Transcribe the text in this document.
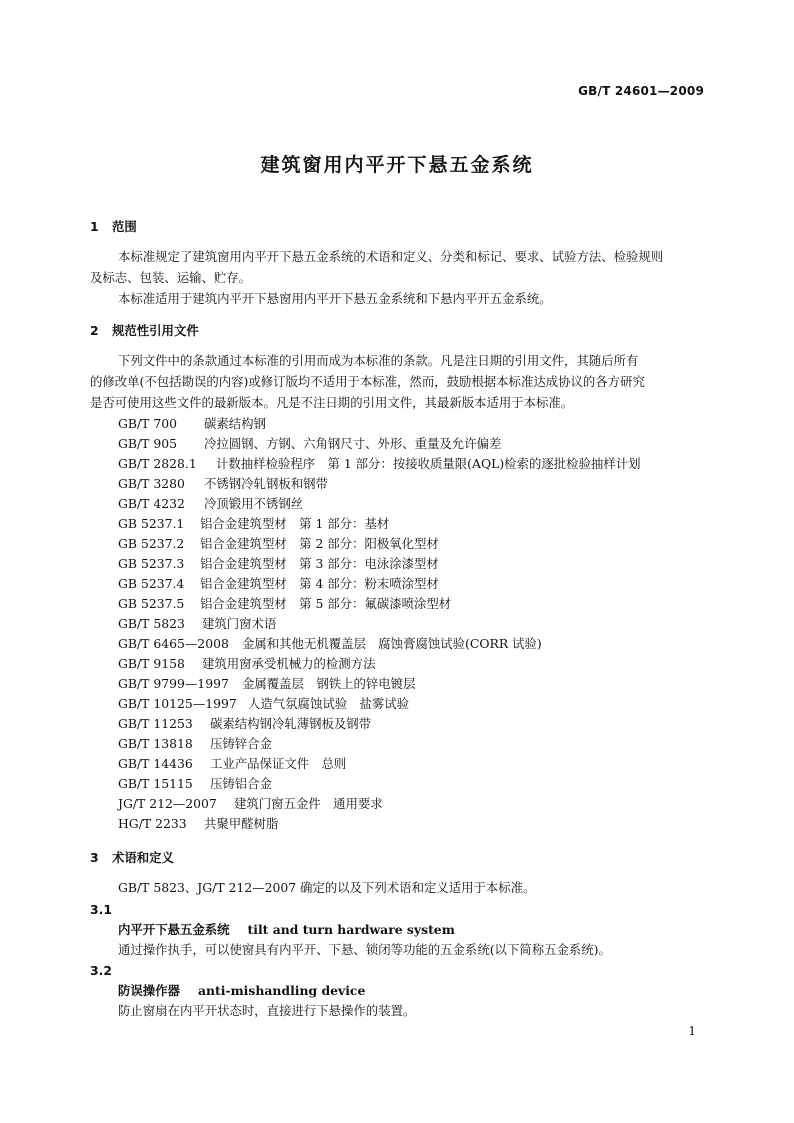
GB/T 24601—2009
建筑窗用内平开下悬五金系统
1 范围
本标准规定了建筑窗用内平开下悬五金系统的术语和定义、分类和标记、要求、试验方法、检验规则
及标志、包装、运输、贮存。
本标准适用于建筑内平开下悬窗用内平开下悬五金系统和下悬内平开五金系统。
2 规范性引用文件
下列文件中的条款通过本标准的引用而成为本标准的条款。凡是注日期的引用文件，其随后所有
的修改单(不包括勘误的内容)或修订版均不适用于本标准，然而，鼓励根据本标准达成协议的各方研究
是否可使用这些文件的最新版本。凡是不注日期的引用文件，其最新版本适用于本标准。
GB/T 700 碳素结构钢
GB/T 905 冷拉圆钢、方钢、六角钢尺寸、外形、重量及允许偏差
GB/T 2828.1 计数抽样检验程序　第 1 部分：按接收质量限(AQL)检索的逐批检验抽样计划
GB/T 3280 不锈钢冷轧钢板和钢带
GB/T 4232 冷顶锻用不锈钢丝
GB 5237.1 铝合金建筑型材　第 1 部分：基材
GB 5237.2 铝合金建筑型材　第 2 部分：阳极氧化型材
GB 5237.3 铝合金建筑型材　第 3 部分：电泳涂漆型材
GB 5237.4 铝合金建筑型材　第 4 部分：粉末喷涂型材
GB 5237.5 铝合金建筑型材　第 5 部分：氟碳漆喷涂型材
GB/T 5823 建筑门窗术语
GB/T 6465—2008 金属和其他无机覆盖层　腐蚀膏腐蚀试验(CORR 试验)
GB/T 9158 建筑用窗承受机械力的检测方法
GB/T 9799—1997 金属覆盖层　钢铁上的锌电镀层
GB/T 10125—1997 人造气氛腐蚀试验　盐雾试验
GB/T 11253 碳素结构钢冷轧薄钢板及钢带
GB/T 13818 压铸锌合金
GB/T 14436 工业产品保证文件　总则
GB/T 15115 压铸铝合金
JG/T 212—2007 建筑门窗五金件　通用要求
HG/T 2233 共聚甲醛树脂
3 术语和定义
GB/T 5823、JG/T 212—2007 确定的以及下列术语和定义适用于本标准。
3.1
内平开下悬五金系统 tilt and turn hardware system
通过操作执手，可以使窗具有内平开、下悬、锁闭等功能的五金系统(以下简称五金系统)。
3.2
防误操作器 anti-mishandling device
防止窗扇在内平开状态时，直接进行下悬操作的装置。
1
